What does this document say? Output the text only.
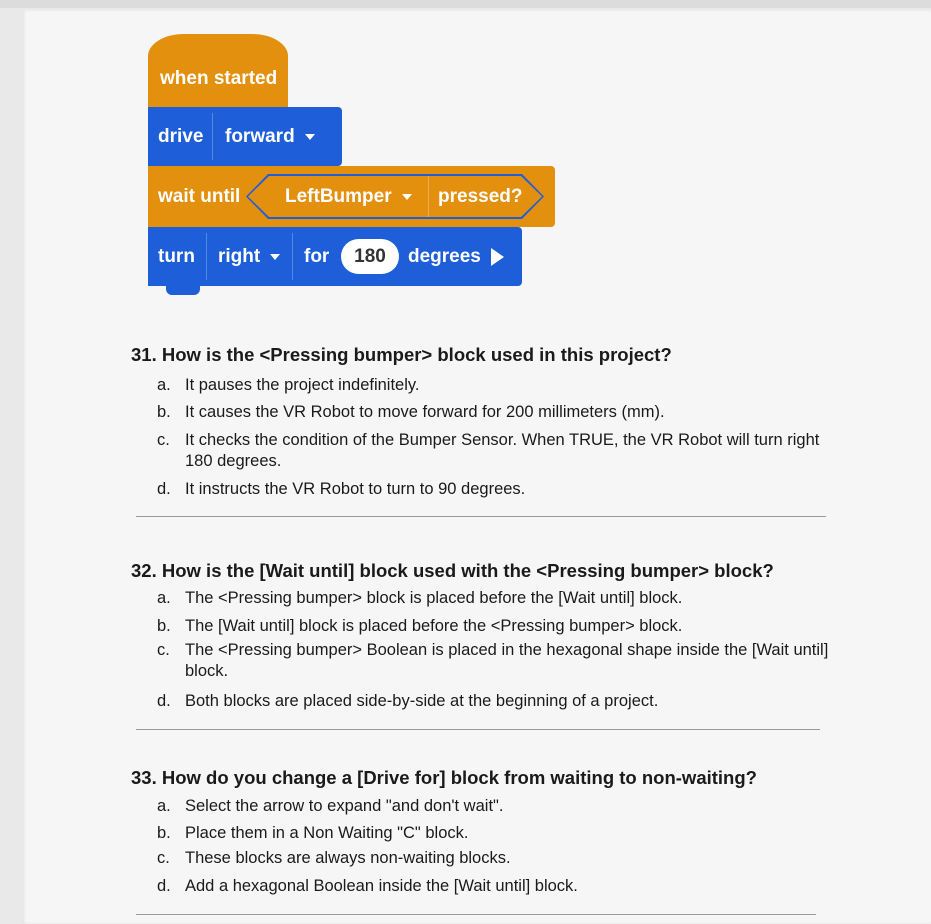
when started
drive forward
wait until LeftBumper	pressed?
turn right	for	180	degrees
31. How is the <Pressing bumper> block used in this project?
a. It pauses the project indefinitely.
b. It causes the VR Robot to move forward for 200 millimeters (mm).
c. It checks the condition of the Bumper Sensor. When TRUE, the VR Robot will turn right 180 degrees.
d. It instructs the VR Robot to turn to 90 degrees.
32. How is the [Wait until] block used with the <Pressing bumper> block?
a. The <Pressing bumper> block is placed before the [Wait until] block.
b. The [Wait until] block is placed before the <Pressing bumper> block.
c. The <Pressing bumper> Boolean is placed in the hexagonal shape inside the [Wait until] block.
d. Both blocks are placed side-by-side at the beginning of a project.
33. How do you change a [Drive for] block from waiting to non-waiting?
a. Select the arrow to expand "and don't wait".
b. Place them in a Non Waiting "C" block.
c. These blocks are always non-waiting blocks.
d. Add a hexagonal Boolean inside the [Wait until] block.
